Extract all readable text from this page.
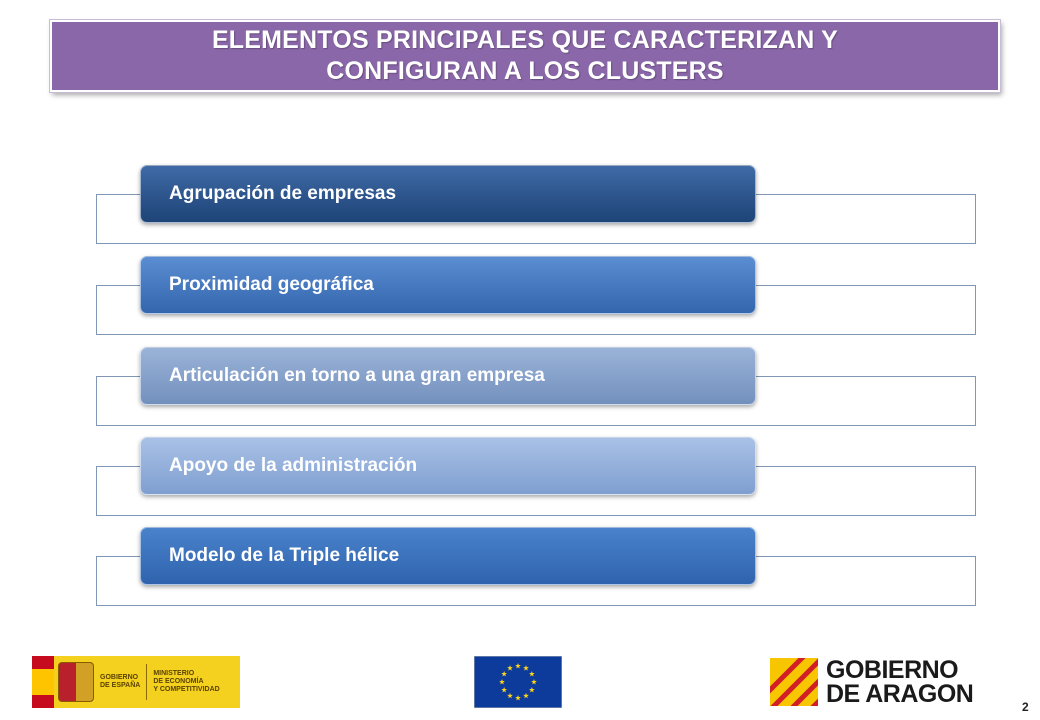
ELEMENTOS PRINCIPALES QUE CARACTERIZAN Y
CONFIGURAN A LOS CLUSTERS
Agrupación de empresas
Proximidad geográfica
Articulación en torno a una gran empresa
Apoyo de la administración
Modelo de la Triple hélice
GOBIERNO
DE ESPAÑA
MINISTERIO
DE ECONOMÍA
Y COMPETITIVIDAD
GOBIERNO
DE ARAGON	2
